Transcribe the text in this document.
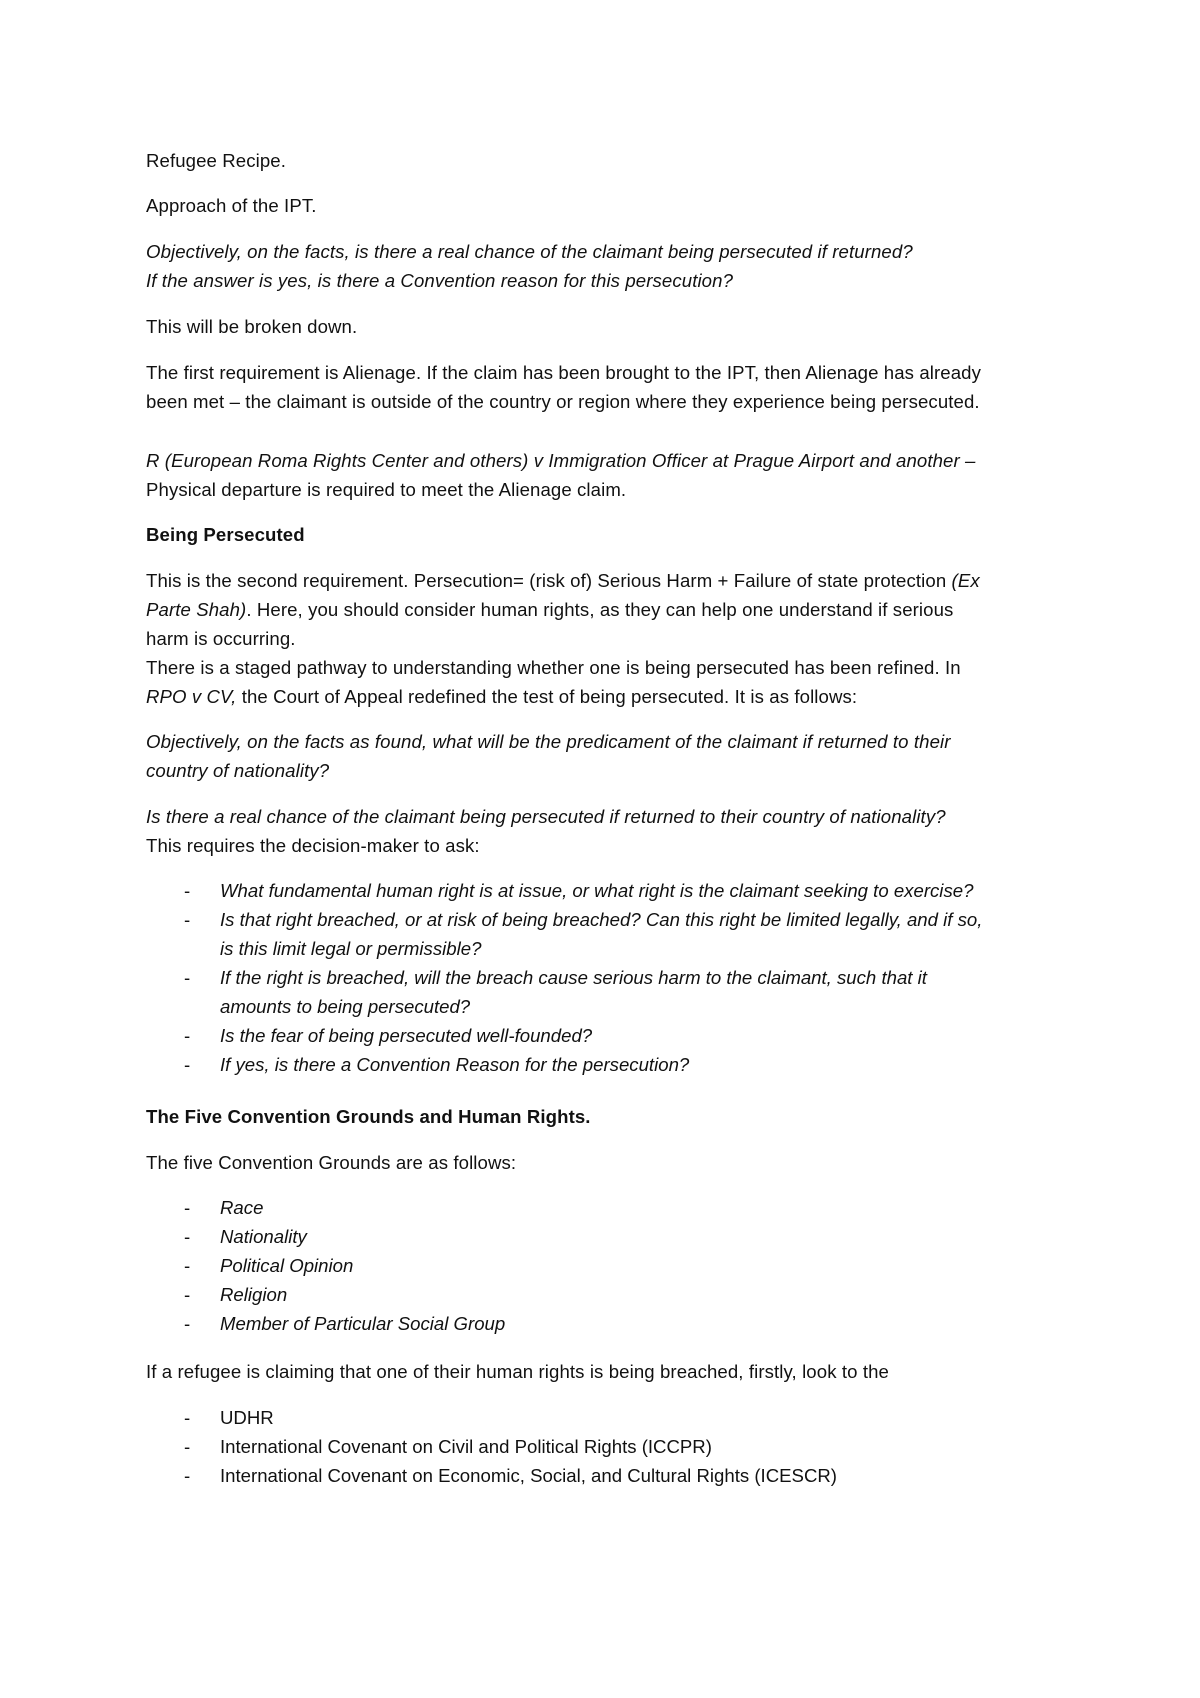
Refugee Recipe.
Approach of the IPT.
Objectively, on the facts, is there a real chance of the claimant being persecuted if returned?
If the answer is yes, is there a Convention reason for this persecution?
This will be broken down.
The first requirement is Alienage. If the claim has been brought to the IPT, then Alienage has already
been met – the claimant is outside of the country or region where they experience being persecuted.
R (European Roma Rights Center and others) v Immigration Officer at Prague Airport and another –
Physical departure is required to meet the Alienage claim.
Being Persecuted
This is the second requirement. Persecution= (risk of) Serious Harm + Failure of state protection (Ex
Parte Shah). Here, you should consider human rights, as they can help one understand if serious
harm is occurring.
There is a staged pathway to understanding whether one is being persecuted has been refined. In
RPO v CV, the Court of Appeal redefined the test of being persecuted. It is as follows:
Objectively, on the facts as found, what will be the predicament of the claimant if returned to their
country of nationality?
Is there a real chance of the claimant being persecuted if returned to their country of nationality?
This requires the decision-maker to ask:
- What fundamental human right is at issue, or what right is the claimant seeking to exercise?
- Is that right breached, or at risk of being breached? Can this right be limited legally, and if so,
is this limit legal or permissible?
- If the right is breached, will the breach cause serious harm to the claimant, such that it
amounts to being persecuted?
- Is the fear of being persecuted well-founded?
- If yes, is there a Convention Reason for the persecution?
The Five Convention Grounds and Human Rights.
The five Convention Grounds are as follows:
- Race
- Nationality
- Political Opinion
- Religion
- Member of Particular Social Group
If a refugee is claiming that one of their human rights is being breached, firstly, look to the
- UDHR
- International Covenant on Civil and Political Rights (ICCPR)
- International Covenant on Economic, Social, and Cultural Rights (ICESCR)
